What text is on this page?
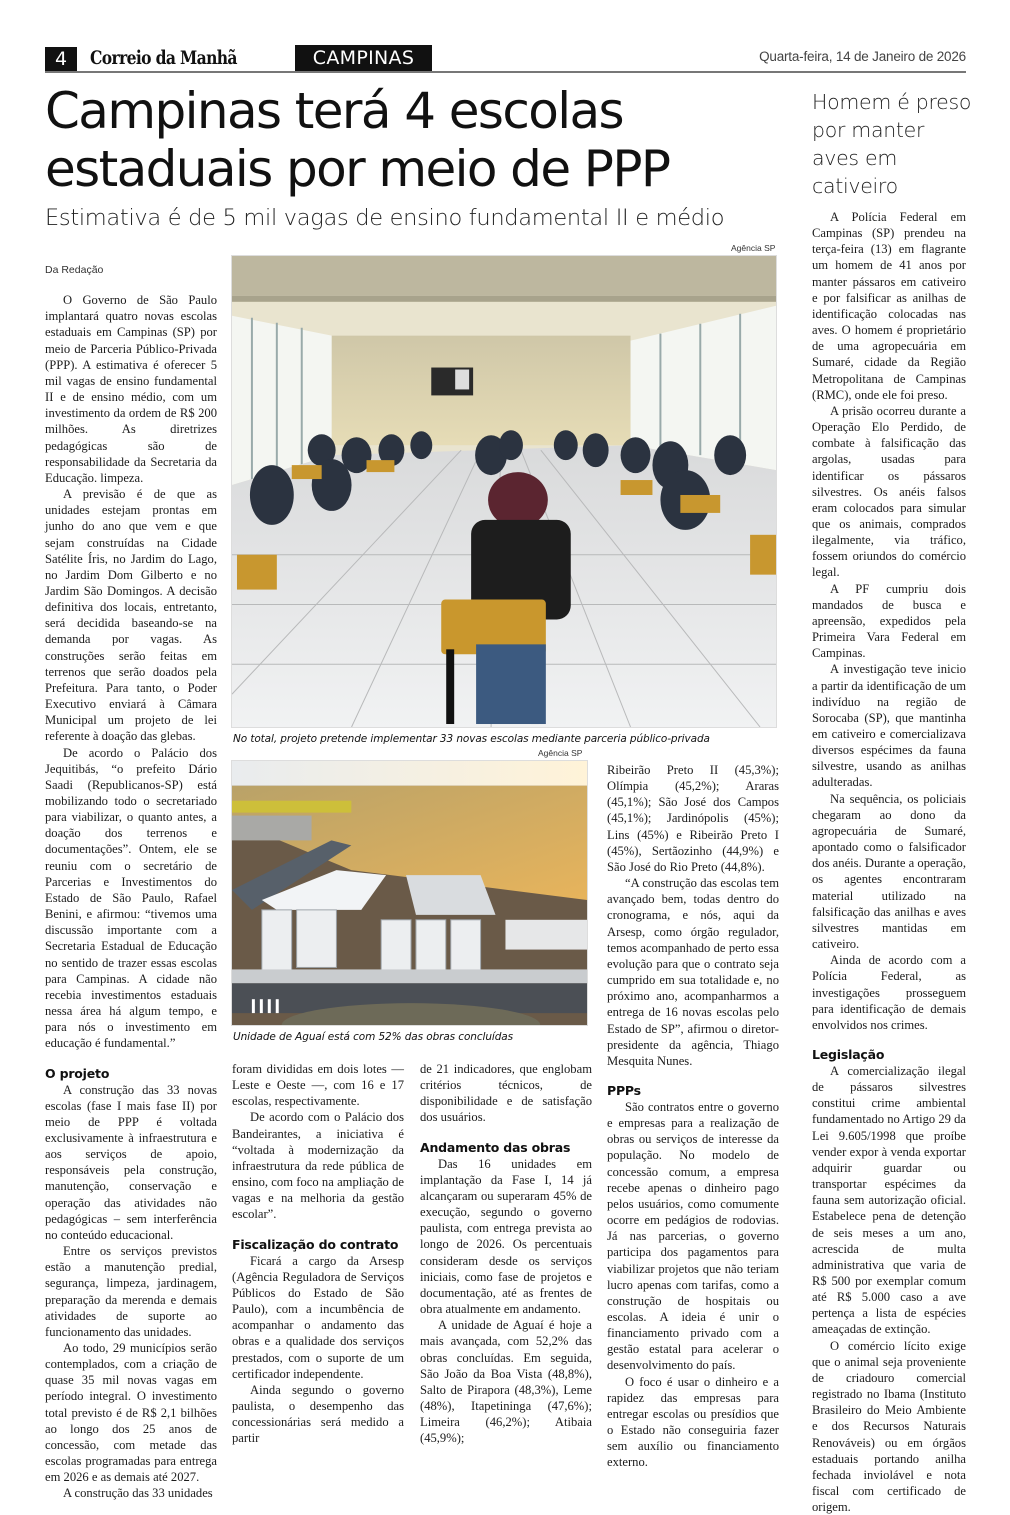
4	Correio da Manhã	CAMPINAS	Quarta-feira, 14 de Janeiro de 2026
Campinas terá 4 escolas
estaduais por meio de PPP
Estimativa é de 5 mil vagas de ensino fundamental II e médio
Agência SP
No total, projeto pretende implementar 33 novas escolas mediante parceria público-privada
Agência SP
Unidade de Aguaí está com 52% das obras concluídas
Da Redação

O Governo de São Paulo implantará quatro novas escolas estaduais em Campinas (SP) por meio de Parceria Público-Privada (PPP). A estimativa é oferecer 5 mil vagas de ensino fundamental II e de ensino médio, com um investimento da ordem de R$ 200 milhões. As diretrizes pedagógicas são de responsabilidade da Secretaria da Educação. limpeza.

A previsão é de que as unidades estejam prontas em junho do ano que vem e que sejam construídas na Cidade Satélite Íris, no Jardim do Lago, no Jardim Dom Gilberto e no Jardim São Domingos. A decisão definitiva dos locais, entretanto, será decidida baseando-se na demanda por vagas. As construções serão feitas em terrenos que serão doados pela Prefeitura. Para tanto, o Poder Executivo enviará à Câmara Municipal um projeto de lei referente à doação das glebas.

De acordo o Palácio dos Jequitibás, “o prefeito Dário Saadi (Republicanos-SP) está mobilizando todo o secretariado para viabilizar, o quanto antes, a doação dos terrenos e documentações”. Ontem, ele se reuniu com o secretário de Parcerias e Investimentos do Estado de São Paulo, Rafael Benini, e afirmou: “tivemos uma discussão importante com a Secretaria Estadual de Educação no sentido de trazer essas escolas para Campinas. A cidade não recebia investimentos estaduais nessa área há algum tempo, e para nós o investimento em educação é fundamental.”

O projeto

A construção das 33 novas escolas (fase I mais fase II) por meio de PPP é voltada exclusivamente à infraestrutura e aos serviços de apoio, responsáveis pela construção, manutenção, conservação e operação das atividades não pedagógicas – sem interferência no conteúdo educacional.

Entre os serviços previstos estão a manutenção predial, segurança, limpeza, jardinagem, preparação da merenda e demais atividades de suporte ao funcionamento das unidades.

Ao todo, 29 municípios serão contemplados, com a criação de quase 35 mil novas vagas em período integral. O investimento total previsto é de R$ 2,1 bilhões ao longo dos 25 anos de concessão, com metade das escolas programadas para entrega em 2026 e as demais até 2027.

A construção das 33 unidades

foram divididas em dois lotes — Leste e Oeste —, com 16 e 17 escolas, respectivamente.

De acordo com o Palácio dos Bandeirantes, a iniciativa é “voltada à modernização da infraestrutura da rede pública de ensino, com foco na ampliação de vagas e na melhoria da gestão escolar”.

Fiscalização do contrato

Ficará a cargo da Arsesp (Agência Reguladora de Serviços Públicos do Estado de São Paulo), com a incumbência de acompanhar o andamento das obras e a qualidade dos serviços prestados, com o suporte de um certificador independente.

Ainda segundo o governo paulista, o desempenho das concessionárias será medido a partir

de 21 indicadores, que englobam critérios técnicos, de disponibilidade e de satisfação dos usuários.

Andamento das obras

Das 16 unidades em implantação da Fase I, 14 já alcançaram ou superaram 45% de execução, segundo o governo paulista, com entrega prevista ao longo de 2026. Os percentuais consideram desde os serviços iniciais, como fase de projetos e documentação, até as frentes de obra atualmente em andamento.

A unidade de Aguaí é hoje a mais avançada, com 52,2% das obras concluídas. Em seguida, São João da Boa Vista (48,8%), Salto de Pirapora (48,3%), Leme (48%), Itapetininga (47,6%); Limeira (46,2%); Atibaia (45,9%);

Ribeirão Preto II (45,3%); Olímpia (45,2%); Araras (45,1%); São José dos Campos (45,1%); Jardinópolis (45%); Lins (45%) e Ribeirão Preto I (45%), Sertãozinho (44,9%) e São José do Rio Preto (44,8%).

“A construção das escolas tem avançado bem, todas dentro do cronograma, e nós, aqui da Arsesp, como órgão regulador, temos acompanhado de perto essa evolução para que o contrato seja cumprido em sua totalidade e, no próximo ano, acompanharmos a entrega de 16 novas escolas pelo Estado de SP”, afirmou o diretor-presidente da agência, Thiago Mesquita Nunes.

PPPs

São contratos entre o governo e empresas para a realização de obras ou serviços de interesse da população. No modelo de concessão comum, a empresa recebe apenas o dinheiro pago pelos usuários, como comumente ocorre em pedágios de rodovias. Já nas parcerias, o governo participa dos pagamentos para viabilizar projetos que não teriam lucro apenas com tarifas, como a construção de hospitais ou escolas. A ideia é unir o financiamento privado com a gestão estatal para acelerar o desenvolvimento do país.

O foco é usar o dinheiro e a rapidez das empresas para entregar escolas ou presídios que o Estado não conseguiria fazer sem auxílio ou financiamento externo.

Homem é preso por manter aves em cativeiro

A Polícia Federal em Campinas (SP) prendeu na terça-feira (13) em flagrante um homem de 41 anos por manter pássaros em cativeiro e por falsificar as anilhas de identificação colocadas nas aves. O homem é proprietário de uma agropecuária em Sumaré, cidade da Região Metropolitana de Campinas (RMC), onde ele foi preso.

A prisão ocorreu durante a Operação Elo Perdido, de combate à falsificação das argolas, usadas para identificar os pássaros silvestres. Os anéis falsos eram colocados para simular que os animais, comprados ilegalmente, via tráfico, fossem oriundos do comércio legal.

A PF cumpriu dois mandados de busca e apreensão, expedidos pela Primeira Vara Federal em Campinas.

A investigação teve inicio a partir da identificação de um indivíduo na região de Sorocaba (SP), que mantinha em cativeiro e comercializava diversos espécimes da fauna silvestre, usando as anilhas adulteradas.

Na sequência, os policiais chegaram ao dono da agropecuária de Sumaré, apontado como o falsificador dos anéis. Durante a operação, os agentes encontraram material utilizado na falsificação das anilhas e aves silvestres mantidas em cativeiro.

Ainda de acordo com a Polícia Federal, as investigações prosseguem para identificação de demais envolvidos nos crimes.

Legislação

A comercialização ilegal de pássaros silvestres constitui crime ambiental fundamentado no Artigo 29 da Lei 9.605/1998 que proíbe vender expor à venda exportar adquirir guardar ou transportar espécimes da fauna sem autorização oficial. Estabelece pena de detenção de seis meses a um ano, acrescida de multa administrativa que varia de R$ 500 por exemplar comum até R$ 5.000 caso a ave pertença a lista de espécies ameaçadas de extinção.

O comércio lícito exige que o animal seja proveniente de criadouro comercial registrado no Ibama (Instituto Brasileiro do Meio Ambiente e dos Recursos Naturais Renováveis) ou em órgãos estaduais portando anilha fechada inviolável e nota fiscal com certificado de origem.
